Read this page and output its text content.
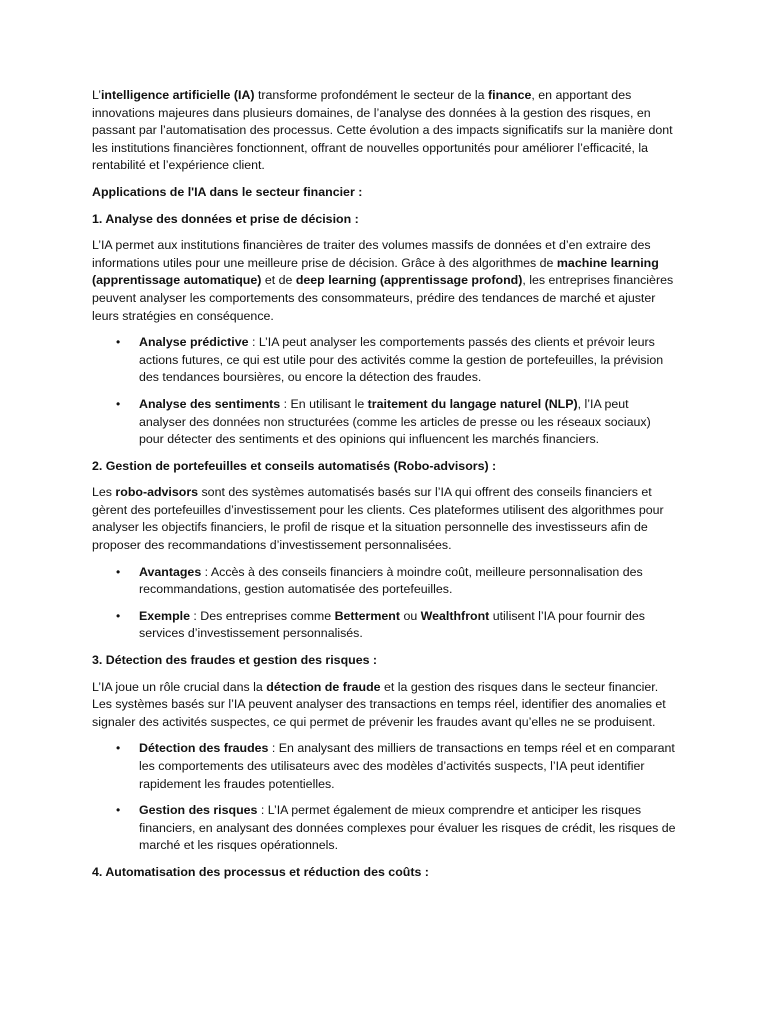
L’intelligence artificielle (IA) transforme profondément le secteur de la finance, en apportant des innovations majeures dans plusieurs domaines, de l’analyse des données à la gestion des risques, en passant par l’automatisation des processus. Cette évolution a des impacts significatifs sur la manière dont les institutions financières fonctionnent, offrant de nouvelles opportunités pour améliorer l’efficacité, la rentabilité et l’expérience client.

Applications de l'IA dans le secteur financier :

1. Analyse des données et prise de décision :

L’IA permet aux institutions financières de traiter des volumes massifs de données et d’en extraire des informations utiles pour une meilleure prise de décision. Grâce à des algorithmes de machine learning (apprentissage automatique) et de deep learning (apprentissage profond), les entreprises financières peuvent analyser les comportements des consommateurs, prédire des tendances de marché et ajuster leurs stratégies en conséquence.

• Analyse prédictive : L’IA peut analyser les comportements passés des clients et prévoir leurs actions futures, ce qui est utile pour des activités comme la gestion de portefeuilles, la prévision des tendances boursières, ou encore la détection des fraudes.
• Analyse des sentiments : En utilisant le traitement du langage naturel (NLP), l’IA peut analyser des données non structurées (comme les articles de presse ou les réseaux sociaux) pour détecter des sentiments et des opinions qui influencent les marchés financiers.

2. Gestion de portefeuilles et conseils automatisés (Robo-advisors) :

Les robo-advisors sont des systèmes automatisés basés sur l’IA qui offrent des conseils financiers et gèrent des portefeuilles d’investissement pour les clients. Ces plateformes utilisent des algorithmes pour analyser les objectifs financiers, le profil de risque et la situation personnelle des investisseurs afin de proposer des recommandations d’investissement personnalisées.

• Avantages : Accès à des conseils financiers à moindre coût, meilleure personnalisation des recommandations, gestion automatisée des portefeuilles.
• Exemple : Des entreprises comme Betterment ou Wealthfront utilisent l’IA pour fournir des services d’investissement personnalisés.

3. Détection des fraudes et gestion des risques :

L’IA joue un rôle crucial dans la détection de fraude et la gestion des risques dans le secteur financier. Les systèmes basés sur l’IA peuvent analyser des transactions en temps réel, identifier des anomalies et signaler des activités suspectes, ce qui permet de prévenir les fraudes avant qu’elles ne se produisent.

• Détection des fraudes : En analysant des milliers de transactions en temps réel et en comparant les comportements des utilisateurs avec des modèles d’activités suspects, l’IA peut identifier rapidement les fraudes potentielles.
• Gestion des risques : L’IA permet également de mieux comprendre et anticiper les risques financiers, en analysant des données complexes pour évaluer les risques de crédit, les risques de marché et les risques opérationnels.

4. Automatisation des processus et réduction des coûts :
